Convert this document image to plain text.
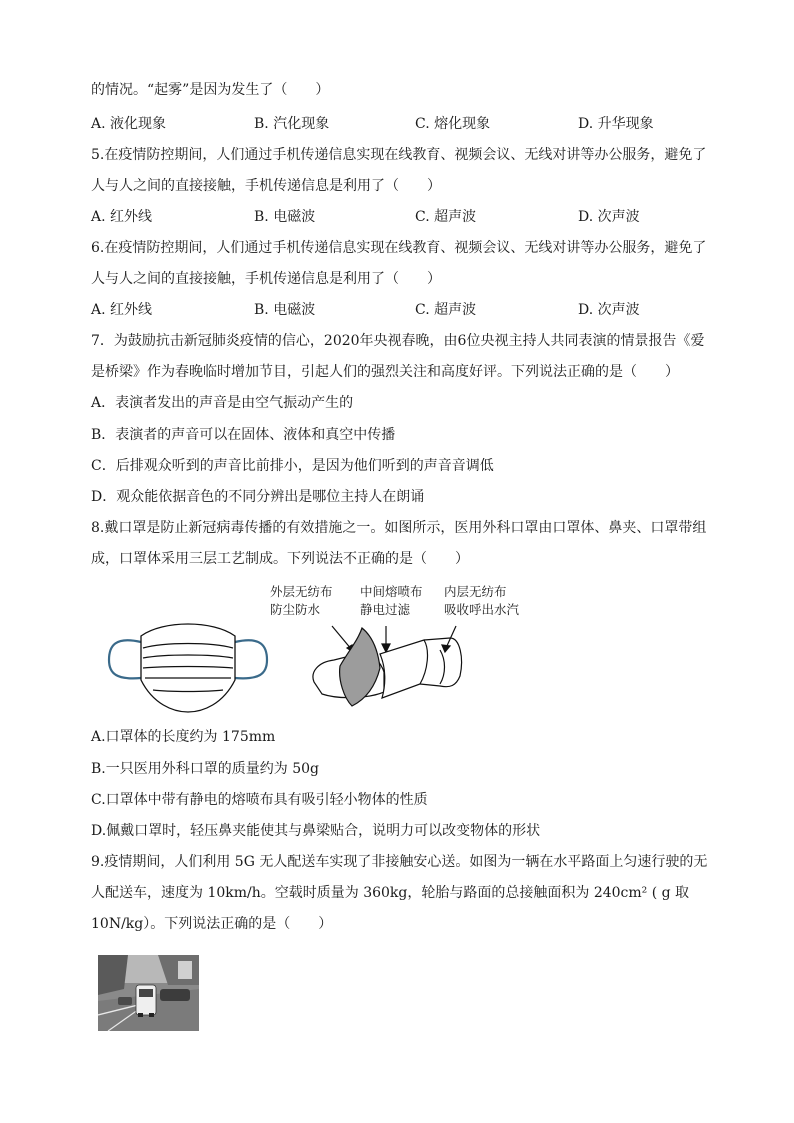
的情况。“起雾”是因为发生了（　　）
A. 液化现象	B. 汽化现象	C. 熔化现象	D. 升华现象
5.在疫情防控期间，人们通过手机传递信息实现在线教育、视频会议、无线对讲等办公服务，避免了
人与人之间的直接接触，手机传递信息是利用了（　　）
A. 红外线	B. 电磁波	C. 超声波	D. 次声波
6.在疫情防控期间，人们通过手机传递信息实现在线教育、视频会议、无线对讲等办公服务，避免了
人与人之间的直接接触，手机传递信息是利用了（　　）
A. 红外线	B. 电磁波	C. 超声波	D. 次声波
7．为鼓励抗击新冠肺炎疫情的信心，2020年央视春晚，由6位央视主持人共同表演的情景报告《爱
是桥梁》作为春晚临时增加节目，引起人们的强烈关注和高度好评。下列说法正确的是（　　）
A．表演者发出的声音是由空气振动产生的
B．表演者的声音可以在固体、液体和真空中传播
C．后排观众听到的声音比前排小，是因为他们听到的声音音调低
D．观众能依据音色的不同分辨出是哪位主持人在朗诵
8.戴口罩是防止新冠病毒传播的有效措施之一。如图所示，医用外科口罩由口罩体、鼻夹、口罩带组
成，口罩体采用三层工艺制成。下列说法不正确的是（　　）
外层无纺布
防尘防水
中间熔喷布
静电过滤
内层无纺布
吸收呼出水汽
A.口罩体的长度约为 175mm
B.一只医用外科口罩的质量约为 50g
C.口罩体中带有静电的熔喷布具有吸引轻小物体的性质
D.佩戴口罩时，轻压鼻夹能使其与鼻梁贴合，说明力可以改变物体的形状
9.疫情期间，人们利用 5G 无人配送车实现了非接触安心送。如图为一辆在水平路面上匀速行驶的无
人配送车，速度为 10km/h。空载时质量为 360kg，轮胎与路面的总接触面积为 240cm² ( g 取
10N/kg）。下列说法正确的是（　　）
